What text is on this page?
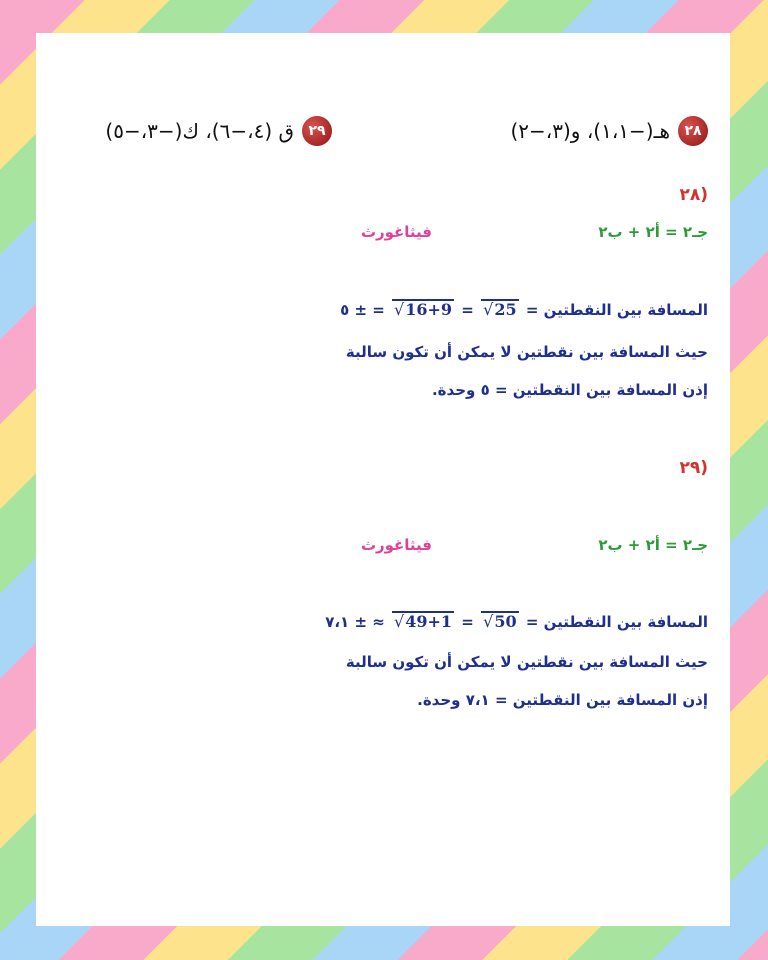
٢٨
هـ(−١،١)، و(٣،−٢)
٢٩
ق (٤،−٦)، ك(−٣،−٥)
٢٨)
جـ٢ = أ٢ + ب٢
فيثاغورث
المسافة بين النقطتين = √ 16+9 = √ 25 = ± ٥
حيث المسافة بين نقطتين لا يمكن أن تكون سالبة
إذن المسافة بين النقطتين = ٥ وحدة.
٢٩)
جـ٢ = أ٢ + ب٢
فيثاغورث
المسافة بين النقطتين = √ 49+1 = √ 50 ≈ ± ٧،١
حيث المسافة بين نقطتين لا يمكن أن تكون سالبة
إذن المسافة بين النقطتين = ٧،١ وحدة.
